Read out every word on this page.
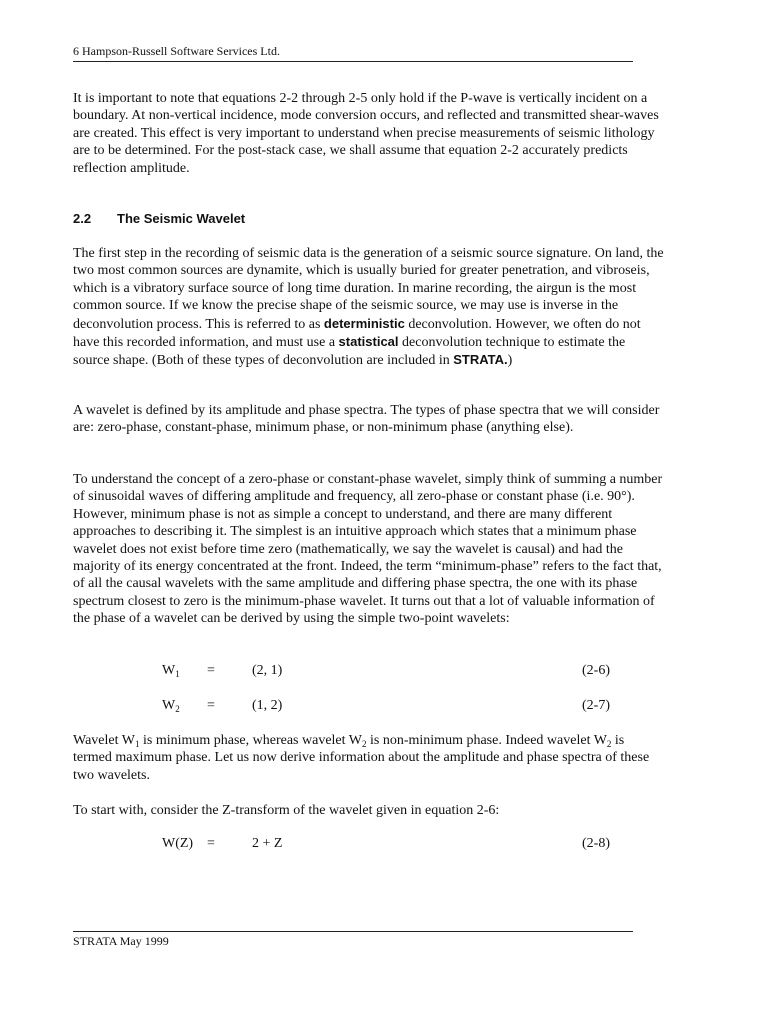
6 Hampson-Russell Software Services Ltd.

It is important to note that equations 2-2 through 2-5 only hold if the P-wave is vertically incident on a boundary. At non-vertical incidence, mode conversion occurs, and reflected and transmitted shear-waves are created. This effect is very important to understand when precise measurements of seismic lithology are to be determined. For the post-stack case, we shall assume that equation 2-2 accurately predicts reflection amplitude.

2.2 The Seismic Wavelet

The first step in the recording of seismic data is the generation of a seismic source signature. On land, the two most common sources are dynamite, which is usually buried for greater penetration, and vibroseis, which is a vibratory surface source of long time duration. In marine recording, the airgun is the most common source. If we know the precise shape of the seismic source, we may use is inverse in the deconvolution process. This is referred to as deterministic deconvolution. However, we often do not have this recorded information, and must use a statistical deconvolution technique to estimate the source shape. (Both of these types of deconvolution are included in STRATA.)

A wavelet is defined by its amplitude and phase spectra. The types of phase spectra that we will consider are: zero-phase, constant-phase, minimum phase, or non-minimum phase (anything else).

To understand the concept of a zero-phase or constant-phase wavelet, simply think of summing a number of sinusoidal waves of differing amplitude and frequency, all zero-phase or constant phase (i.e. 90°). However, minimum phase is not as simple a concept to understand, and there are many different approaches to describing it. The simplest is an intuitive approach which states that a minimum phase wavelet does not exist before time zero (mathematically, we say the wavelet is causal) and had the majority of its energy concentrated at the front. Indeed, the term “minimum-phase” refers to the fact that, of all the causal wavelets with the same amplitude and differing phase spectra, the one with its phase spectrum closest to zero is the minimum-phase wavelet. It turns out that a lot of valuable information of the phase of a wavelet can be derived by using the simple two-point wavelets:

$W_1$ =	(2, 1)	(2-6)
$W_2$ =	(1, 2)	(2-7)

Wavelet $W_1$ is minimum phase, whereas wavelet $W_2$ is non-minimum phase. Indeed wavelet $W_2$ is termed maximum phase. Let us now derive information about the amplitude and phase spectra of these two wavelets.

To start with, consider the Z-transform of the wavelet given in equation 2-6:

W(Z) =	2 + Z	(2-8)
STRATA May 1999
